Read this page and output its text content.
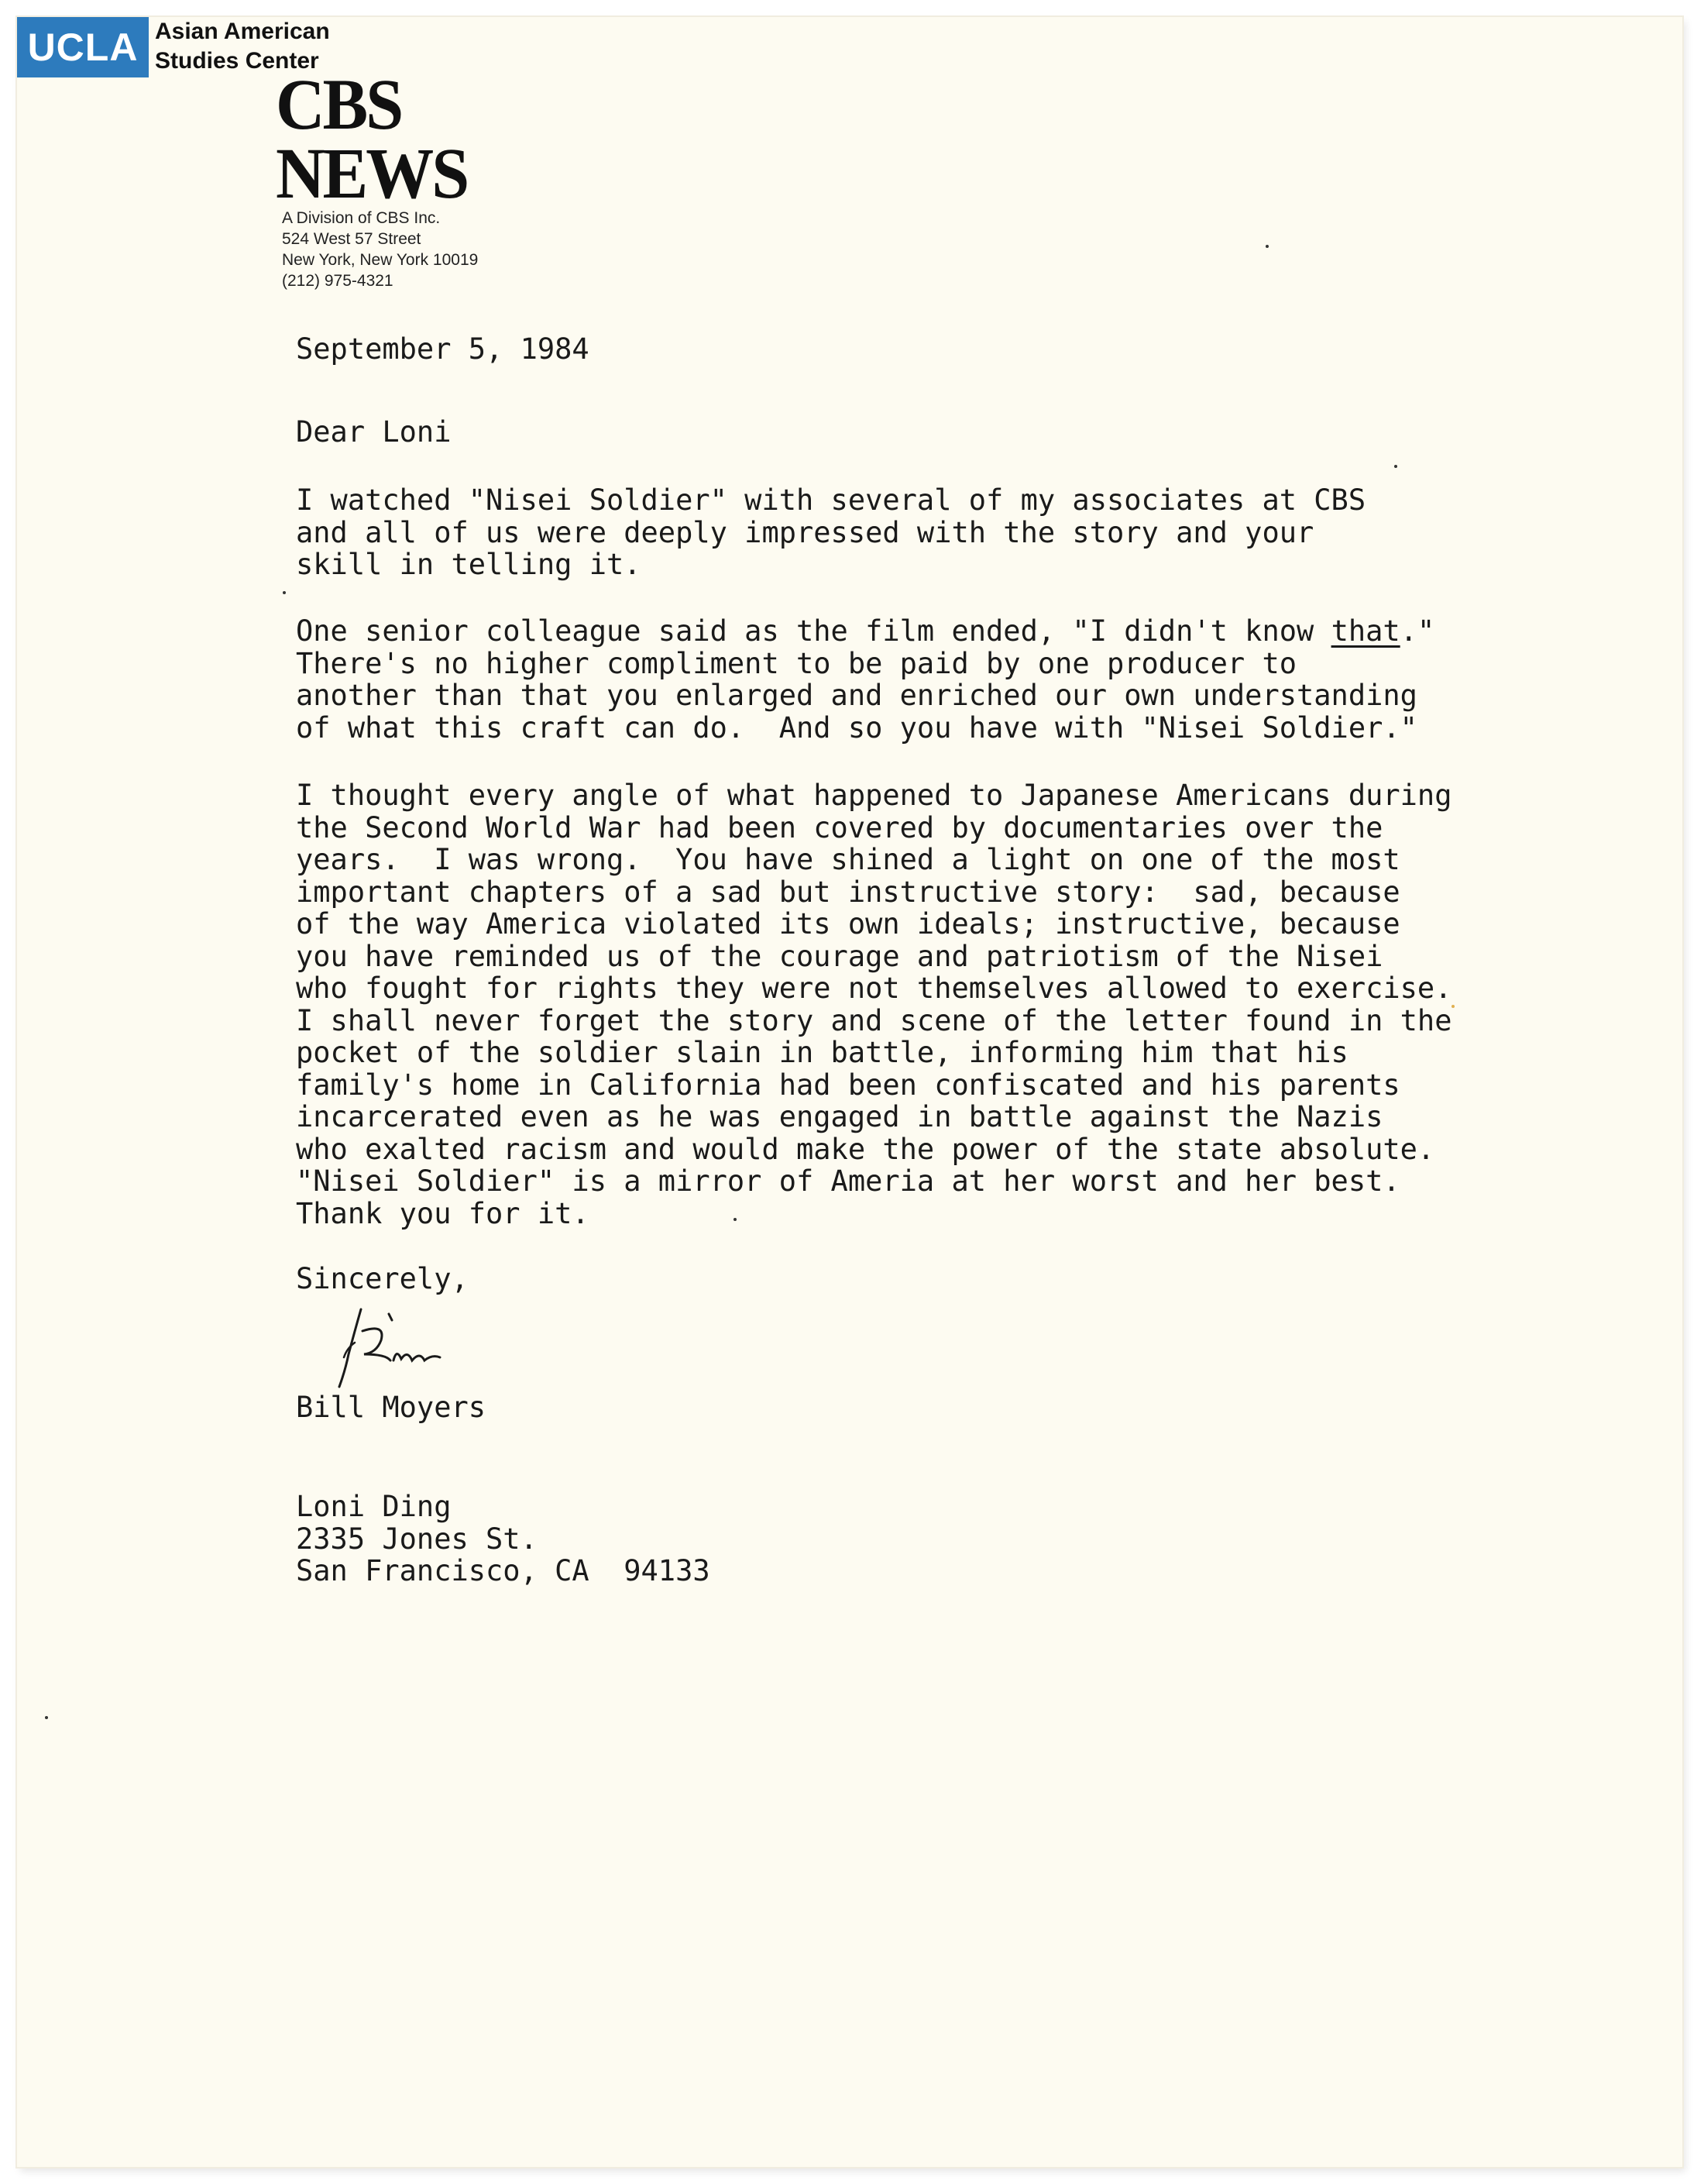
UCLA Asian American
Studies Center
CBS
NEWS
A Division of CBS Inc.
524 West 57 Street
New York, New York 10019
(212) 975-4321
September 5, 1984
Dear Loni
I watched "Nisei Soldier" with several of my associates at CBS
and all of us were deeply impressed with the story and your
skill in telling it.
One senior colleague said as the film ended, "I didn't know that."
There's no higher compliment to be paid by one producer to
another than that you enlarged and enriched our own understanding
of what this craft can do.  And so you have with "Nisei Soldier."
I thought every angle of what happened to Japanese Americans during
the Second World War had been covered by documentaries over the
years.  I was wrong.  You have shined a light on one of the most
important chapters of a sad but instructive story:  sad, because
of the way America violated its own ideals; instructive, because
you have reminded us of the courage and patriotism of the Nisei
who fought for rights they were not themselves allowed to exercise.
I shall never forget the story and scene of the letter found in the
pocket of the soldier slain in battle, informing him that his
family's home in California had been confiscated and his parents
incarcerated even as he was engaged in battle against the Nazis
who exalted racism and would make the power of the state absolute.
"Nisei Soldier" is a mirror of Ameria at her worst and her best.
Thank you for it.
Sincerely,
Bill Moyers
Loni Ding
2335 Jones St.
San Francisco, CA  94133
